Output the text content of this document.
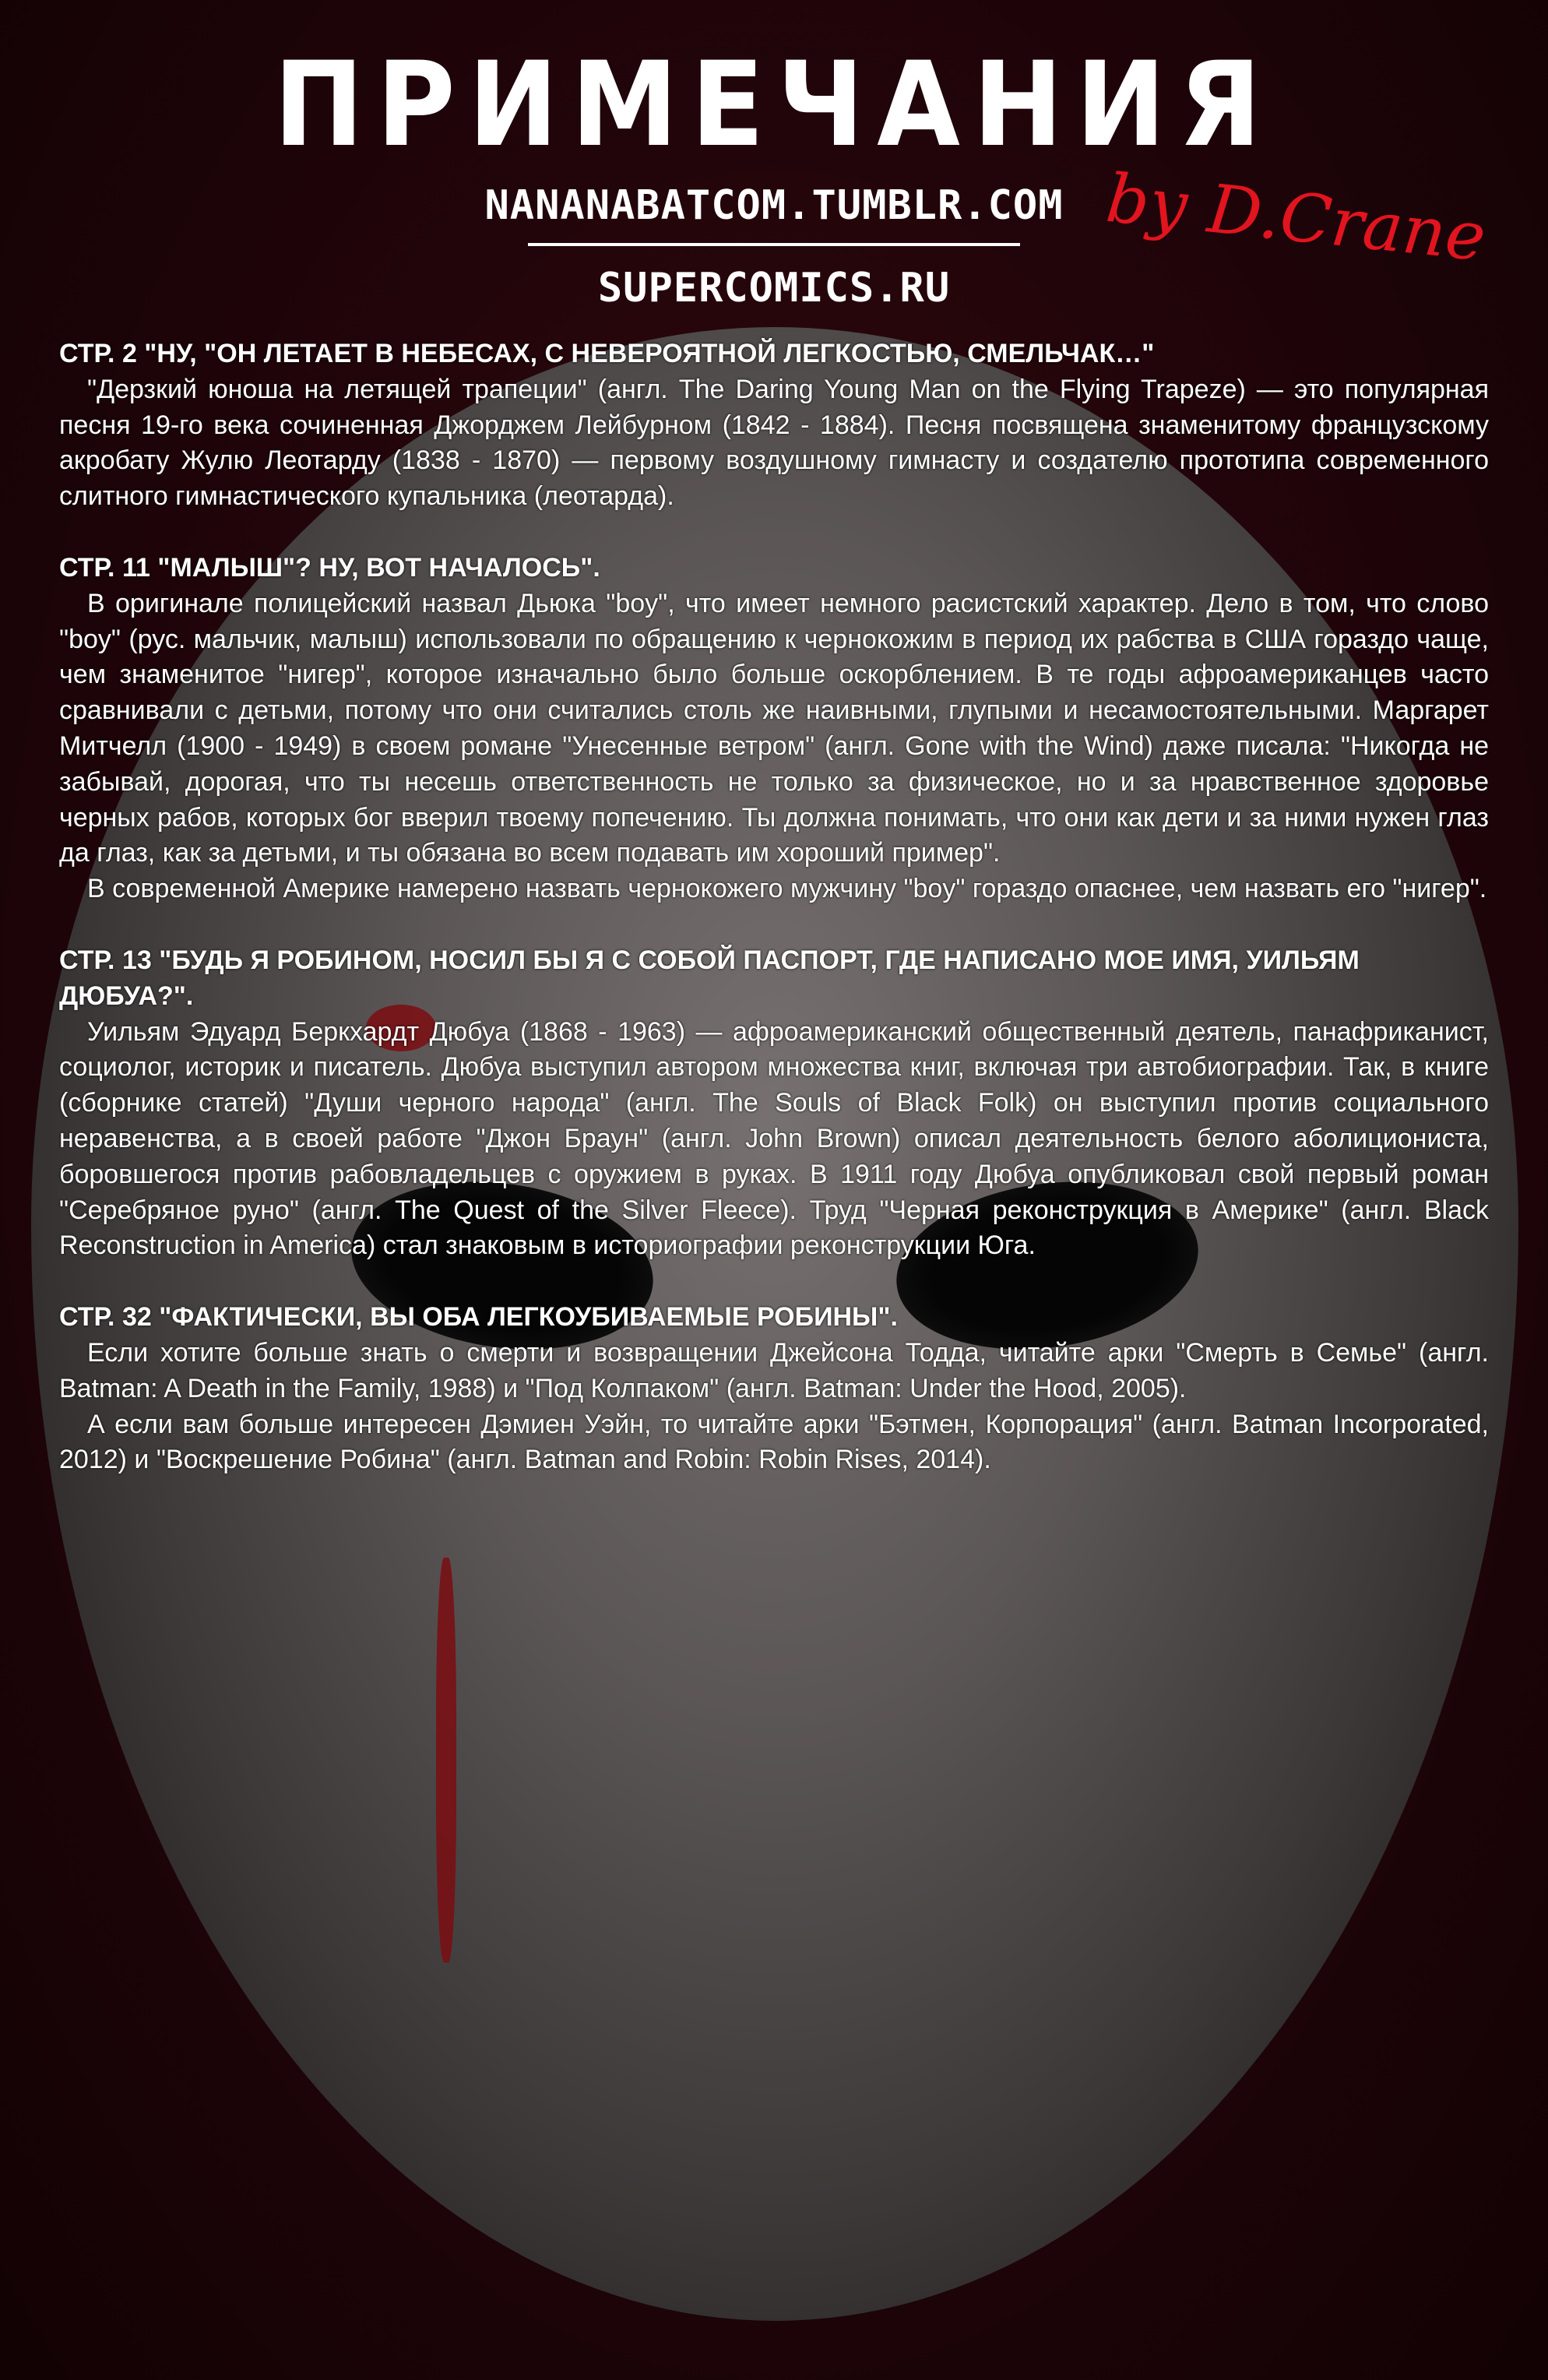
ПРИМЕЧАНИЯ
NANANABATCOM.TUMBLR.COM
SUPERCOMICS.RU
by D.Crane
СТР. 2 "НУ, "ОН ЛЕТАЕТ В НЕБЕСАХ, С НЕВЕРОЯТНОЙ ЛЕГКОСТЬЮ, СМЕЛЬЧАК…"
"Дерзкий юноша на летящей трапеции" (англ. The Daring Young Man on the Flying Trapeze) — это популярная песня 19-го века сочиненная Джорджем Лейбурном (1842 - 1884). Песня посвящена знаменитому французскому акробату Жулю Леотарду (1838 - 1870) — первому воздушному гимнасту и создателю прототипа современного слитного гимнастического купальника (леотарда).
СТР. 11 "МАЛЫШ"? НУ, ВОТ НАЧАЛОСЬ".
В оригинале полицейский назвал Дьюка "boy", что имеет немного расистский характер. Дело в том, что слово "boy" (рус. мальчик, малыш) использовали по обращению к чернокожим в период их рабства в США гораздо чаще, чем знаменитое "нигер", которое изначально было больше оскорблением. В те годы афроамериканцев часто сравнивали с детьми, потому что они считались столь же наивными, глупыми и несамостоятельными. Маргарет Митчелл (1900 - 1949) в своем романе "Унесенные ветром" (англ. Gone with the Wind) даже писала: "Никогда не забывай, дорогая, что ты несешь ответственность не только за физическое, но и за нравственное здоровье черных рабов, которых бог вверил твоему попечению. Ты должна понимать, что они как дети и за ними нужен глаз да глаз, как за детьми, и ты обязана во всем подавать им хороший пример".
В современной Америке намерено назвать чернокожего мужчину "boy" гораздо опаснее, чем назвать его "нигер".
СТР. 13 "БУДЬ Я РОБИНОМ, НОСИЛ БЫ Я С СОБОЙ ПАСПОРТ, ГДЕ НАПИСАНО МОЕ ИМЯ, УИЛЬЯМ ДЮБУА?".
Уильям Эдуард Беркхардт Дюбуа (1868 - 1963) — афроамериканский общественный деятель, панафриканист, социолог, историк и писатель. Дюбуа выступил автором множества книг, включая три автобиографии. Так, в книге (сборнике статей) "Души черного народа" (англ. The Souls of Black Folk) он выступил против социального неравенства, а в своей работе "Джон Браун" (англ. John Brown) описал деятельность белого аболициониста, боровшегося против рабовладельцев с оружием в руках. В 1911 году Дюбуа опубликовал свой первый роман "Серебряное руно" (англ. The Quest of the Silver Fleece). Труд "Черная реконструкция в Америке" (англ. Black Reconstruction in America) стал знаковым в историографии реконструкции Юга.
СТР. 32 "ФАКТИЧЕСКИ, ВЫ ОБА ЛЕГКОУБИВАЕМЫЕ РОБИНЫ".
Если хотите больше знать о смерти и возвращении Джейсона Тодда, читайте арки "Смерть в Семье" (англ. Batman: A Death in the Family, 1988) и "Под Колпаком" (англ. Batman: Under the Hood, 2005).
А если вам больше интересен Дэмиен Уэйн, то читайте арки "Бэтмен, Корпорация" (англ. Batman Incorporated, 2012) и "Воскрешение Робина" (англ. Batman and Robin: Robin Rises, 2014).
